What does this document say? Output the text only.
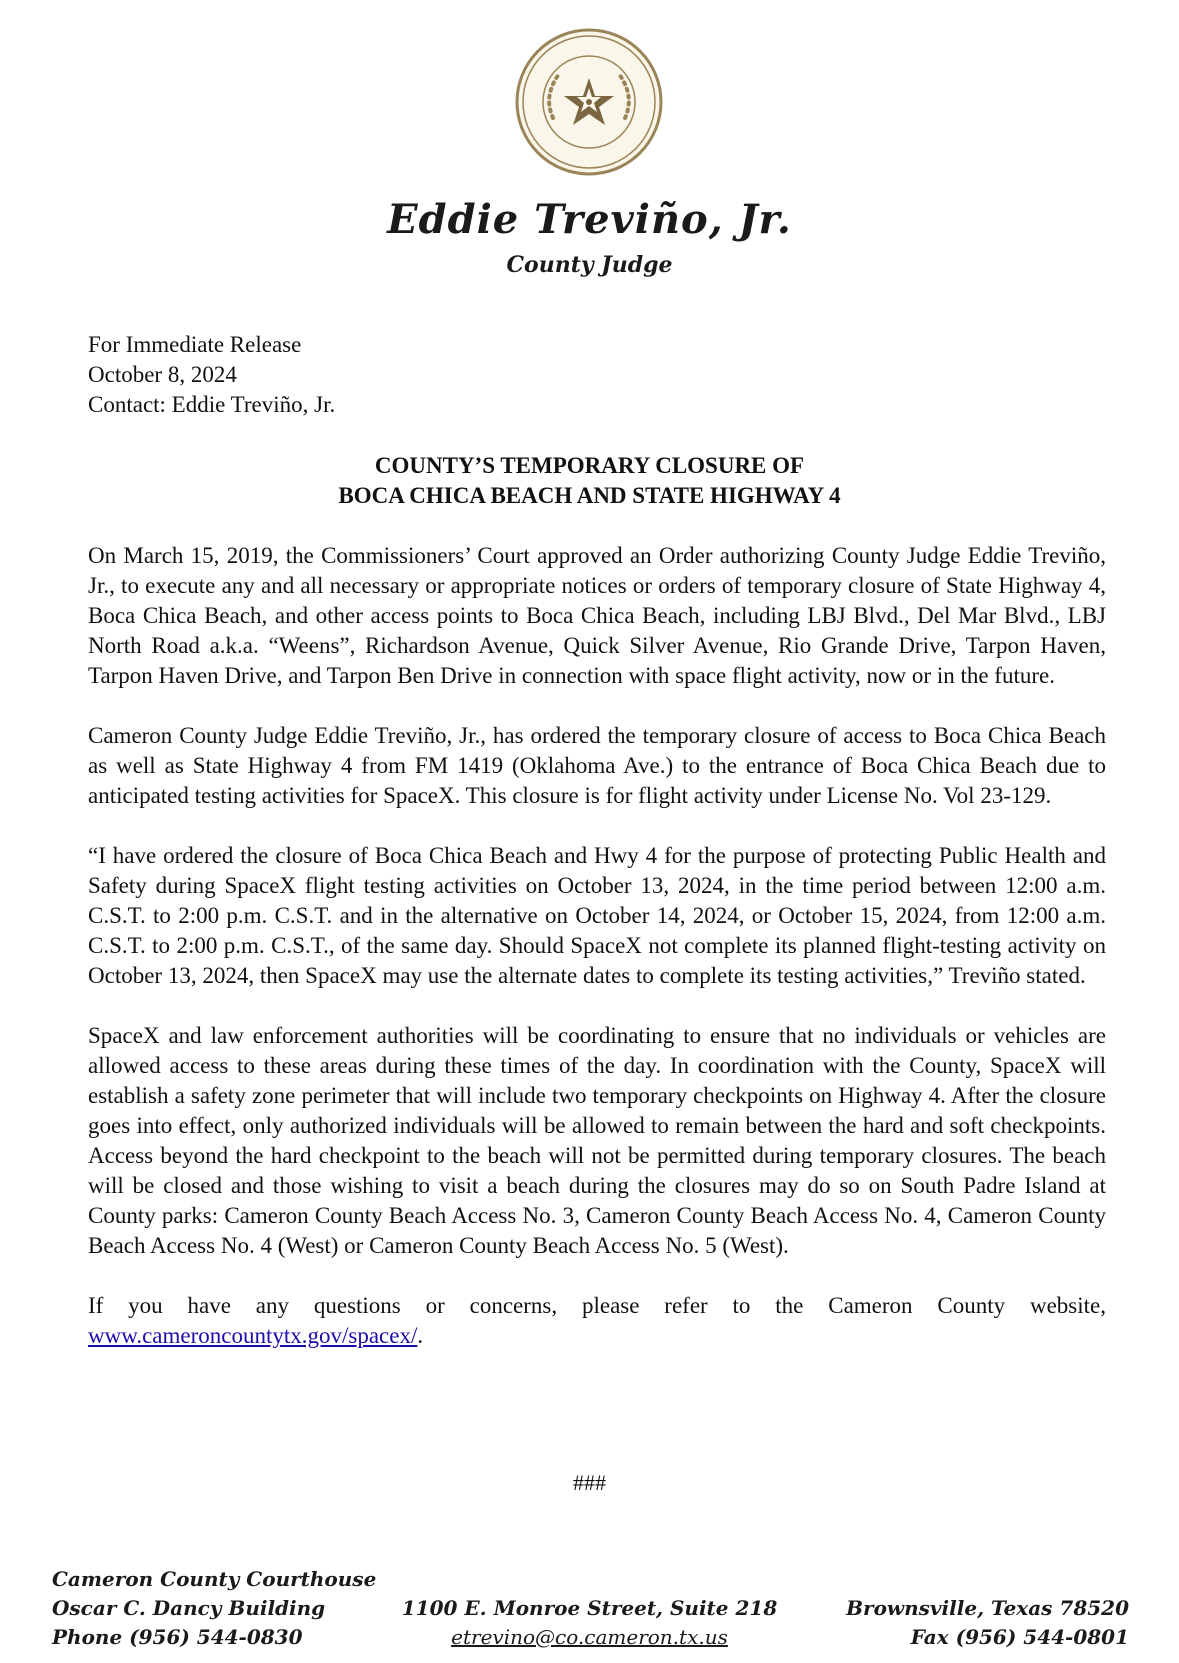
Eddie Treviño, Jr.
County Judge
For Immediate Release
October 8, 2024
Contact: Eddie Treviño, Jr.
COUNTY’S TEMPORARY CLOSURE OF
BOCA CHICA BEACH AND STATE HIGHWAY 4

On March 15, 2019, the Commissioners’ Court approved an Order authorizing County Judge Eddie Treviño, Jr., to execute any and all necessary or appropriate notices or orders of temporary closure of State Highway 4, Boca Chica Beach, and other access points to Boca Chica Beach, including LBJ Blvd., Del Mar Blvd., LBJ North Road a.k.a. “Weens”, Richardson Avenue, Quick Silver Avenue, Rio Grande Drive, Tarpon Haven, Tarpon Haven Drive, and Tarpon Ben Drive in connection with space flight activity, now or in the future.

Cameron County Judge Eddie Treviño, Jr., has ordered the temporary closure of access to Boca Chica Beach as well as State Highway 4 from FM 1419 (Oklahoma Ave.) to the entrance of Boca Chica Beach due to anticipated testing activities for SpaceX. This closure is for flight activity under License No. Vol 23-129.

“I have ordered the closure of Boca Chica Beach and Hwy 4 for the purpose of protecting Public Health and Safety during SpaceX flight testing activities on October 13, 2024, in the time period between 12:00 a.m. C.S.T. to 2:00 p.m. C.S.T. and in the alternative on October 14, 2024, or October 15, 2024, from 12:00 a.m. C.S.T. to 2:00 p.m. C.S.T., of the same day. Should SpaceX not complete its planned flight-testing activity on October 13, 2024, then SpaceX may use the alternate dates to complete its testing activities,” Treviño stated.

SpaceX and law enforcement authorities will be coordinating to ensure that no individuals or vehicles are allowed access to these areas during these times of the day. In coordination with the County, SpaceX will establish a safety zone perimeter that will include two temporary checkpoints on Highway 4. After the closure goes into effect, only authorized individuals will be allowed to remain between the hard and soft checkpoints. Access beyond the hard checkpoint to the beach will not be permitted during temporary closures. The beach will be closed and those wishing to visit a beach during the closures may do so on South Padre Island at County parks: Cameron County Beach Access No. 3, Cameron County Beach Access No. 4, Cameron County Beach Access No. 4 (West) or Cameron County Beach Access No. 5 (West).

If you have any questions or concerns, please refer to the Cameron County website, www.cameroncountytx.gov/spacex/.

###
Cameron County Courthouse
Oscar C. Dancy Building
Phone (956) 544-0830
1100 E. Monroe Street, Suite 218
etrevino@co.cameron.tx.us
Brownsville, Texas 78520
Fax (956) 544-0801
